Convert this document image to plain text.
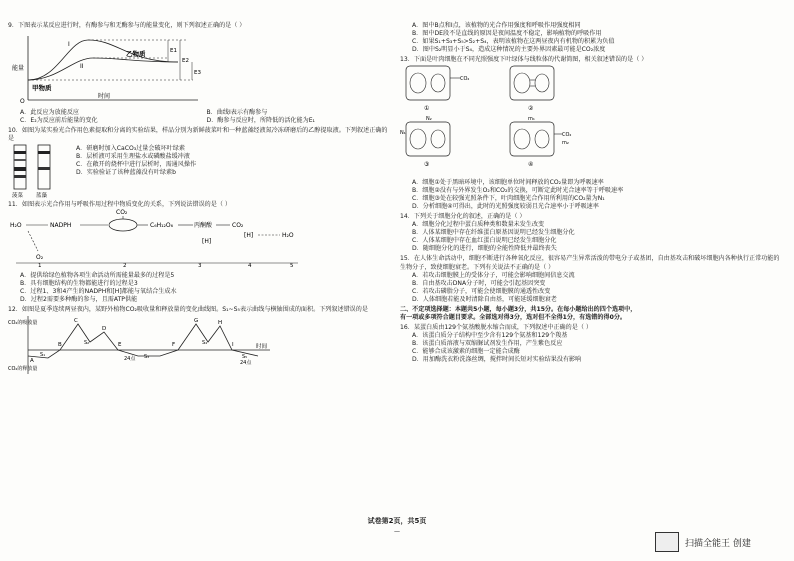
9．下图表示某反应进行时，有酶参与和无酶参与的能量变化，则下列叙述正确的是（ ）
能量
时间
O
I
II
乙物质
甲物质
E1
E2
E3
A．此反应为放能反应	B．曲线I表示有酶参与
C．E₂为反应前后能量的变化	D．酶参与反应时，所降低的活化能为E₁
10．如图为某实验光合作用色素提取和分离的实验结果，样品分别为新鲜菠菜叶和一种蓝藻经液氮冷冻研磨后的乙醇提取液。下列叙述正确的是
菠菜 蓝藻
A．研磨时加入CaCO₃过量会破坏叶绿素
B．层析液可采用生理盐水或磷酸盐缓冲液
C．在敞开的烧杯中进行层析时，需通风操作
D．实验验证了该种蓝藻没有叶绿素b
11．如图表示光合作用与呼吸作用过程中物质变化的关系，下列说法错误的是（ ）
H₂O	NADPH
CO₂
C₆H₁₂O₆	丙酮酸	CO₂
[H]
[H]	H₂O
O₂
1	2	3	4	5
A．提供给绿色植物各项生命活动所需能量最多的过程是5
B．具有细胞结构的生物都能进行的过程是3
C．过程1、3和4产生的NADPH和[H]都能与氧结合生成水
D．过程2需要多种酶的参与，且需ATP供能
12．如图是夏季连续两昼夜内，某野外植物CO₂吸收量和释放量的变化曲线图。S₁~S₅表示曲线与横轴围成的面积。下列叙述错误的是
CO₂的吸收量
CO₂的释放量
时间
A
B
C
D
E	F
G	H
I
S₁
S₂
S₃
S₄
S₅
24点
24点
A．图中B点和I点，该植物的光合作用强度和呼吸作用强度相同
B．图中DE段不是直线的原因是夜间温度不稳定，影响植物的呼吸作用
C．如果S₁+S₃+S₅>S₂+S₄，表明该植物在这两昼夜内有机物的积累为负值
D．图中S₂明显小于S₄，造成这种情况的主要外界因素最可能是CO₂浓度
13．下面是叶肉细胞在不同光照强度下叶绿体与线粒体的代谢简图，相关叙述错误的是（ ）
CO₂
①	②
N₁
N₂
③
m₁
CO₂
m₂
④
A．细胞①处于黑暗环境中，该细胞单位时间释放的CO₂量即为呼吸速率
B．细胞②没有与外界发生O₂和CO₂的交换，可断定此时光合速率等于呼吸速率
C．细胞③处在较强光照条件下，叶肉细胞光合作用所利用的CO₂量为N₁
D．分析细胞④可得出，此时的光照强度较弱且光合速率小于呼吸速率
14．下列关于细胞分化的叙述，正确的是（ ）
A．细胞分化过程中蛋白质种类和数量未发生改变
B．人体某细胞中存在纤维蛋白原基因说明已经发生细胞分化
C．人体某细胞中存在血红蛋白说明已经发生细胞分化
D．随细胞分化的进行，细胞的全能性降低并最终丧失
15．在人体生命活动中，细胞不断进行各种氧化反应，很容易产生异常活泼的带电分子或基团，自由基攻击和破坏细胞内各种执行正常功能的生物分子，致使细胞衰老。下列有关说法不正确的是（ ）
A．若攻击细胞膜上的受体分子，可能会影响细胞间信息交流
B．自由基攻击DNA分子时，可能会引起基因突变
C．若攻击磷脂分子，可能会使细胞膜的通透性改变
D．人体细胞若能及时清除自由基，可能延缓细胞衰老
二、不定项选择题：本题共5小题，每小题3分，共15分。在每小题给出的四个选项中，
有一项或多项符合题目要求。全部选对得3分，选对但不全得1分，有选错的得0分。
16．某蛋白质由129个氨基酸脱水缩合而成，下列叙述中正确的是（ ）
A．该蛋白质分子结构中至少含有129个氨基和129个羧基
B．该蛋白质溶液与双缩脲试剂发生作用，产生紫色反应
C．能够合成该激素的细胞一定能合成酶
D．用加酶洗衣粉洗涤丝绸，搅拌时间长短对实验结果没有影响
试卷第2页，共5页
—
扫描全能王 创建
